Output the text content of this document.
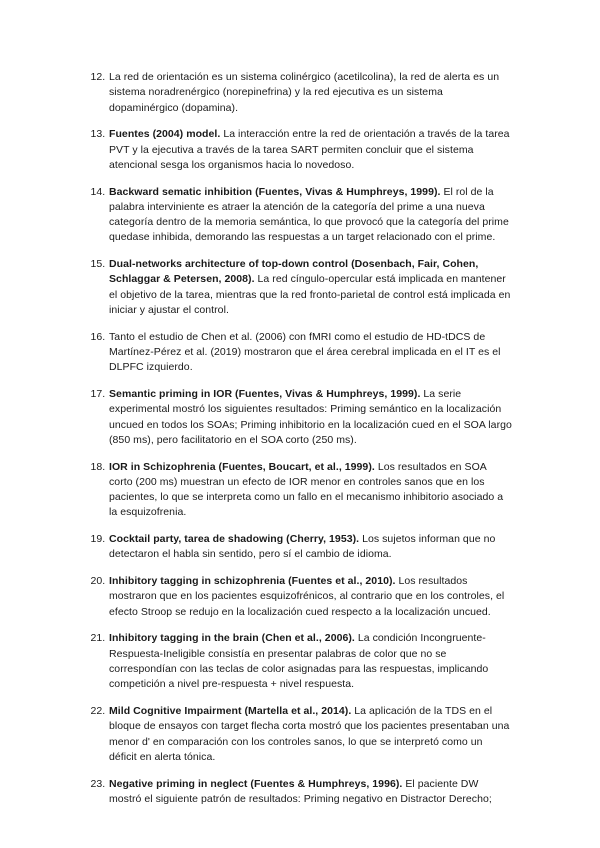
12. La red de orientación es un sistema colinérgico (acetilcolina), la red de alerta es un sistema noradrenérgico (norepinefrina) y la red ejecutiva es un sistema dopaminérgico (dopamina).
13. Fuentes (2004) model. La interacción entre la red de orientación a través de la tarea PVT y la ejecutiva a través de la tarea SART permiten concluir que el sistema atencional sesga los organismos hacia lo novedoso.
14. Backward sematic inhibition (Fuentes, Vivas & Humphreys, 1999). El rol de la palabra interviniente es atraer la atención de la categoría del prime a una nueva categoría dentro de la memoria semántica, lo que provocó que la categoría del prime quedase inhibida, demorando las respuestas a un target relacionado con el prime.
15. Dual-networks architecture of top-down control (Dosenbach, Fair, Cohen, Schlaggar & Petersen, 2008). La red cíngulo-opercular está implicada en mantener el objetivo de la tarea, mientras que la red fronto-parietal de control está implicada en iniciar y ajustar el control.
16. Tanto el estudio de Chen et al. (2006) con fMRI como el estudio de HD-tDCS de Martínez-Pérez et al. (2019) mostraron que el área cerebral implicada en el IT es el DLPFC izquierdo.
17. Semantic priming in IOR (Fuentes, Vivas & Humphreys, 1999). La serie experimental mostró los siguientes resultados: Priming semántico en la localización uncued en todos los SOAs; Priming inhibitorio en la localización cued en el SOA largo (850 ms), pero facilitatorio en el SOA corto (250 ms).
18. IOR in Schizophrenia (Fuentes, Boucart, et al., 1999). Los resultados en SOA corto (200 ms) muestran un efecto de IOR menor en controles sanos que en los pacientes, lo que se interpreta como un fallo en el mecanismo inhibitorio asociado a la esquizofrenia.
19. Cocktail party, tarea de shadowing (Cherry, 1953). Los sujetos informan que no detectaron el habla sin sentido, pero sí el cambio de idioma.
20. Inhibitory tagging in schizophrenia (Fuentes et al., 2010). Los resultados mostraron que en los pacientes esquizofrénicos, al contrario que en los controles, el efecto Stroop se redujo en la localización cued respecto a la localización uncued.
21. Inhibitory tagging in the brain (Chen et al., 2006). La condición Incongruente-Respuesta-Ineligible consistía en presentar palabras de color que no se correspondían con las teclas de color asignadas para las respuestas, implicando competición a nivel pre-respuesta + nivel respuesta.
22. Mild Cognitive Impairment (Martella et al., 2014). La aplicación de la TDS en el bloque de ensayos con target flecha corta mostró que los pacientes presentaban una menor d' en comparación con los controles sanos, lo que se interpretó como un déficit en alerta tónica.
23. Negative priming in neglect (Fuentes & Humphreys, 1996). El paciente DW mostró el siguiente patrón de resultados: Priming negativo en Distractor Derecho;
